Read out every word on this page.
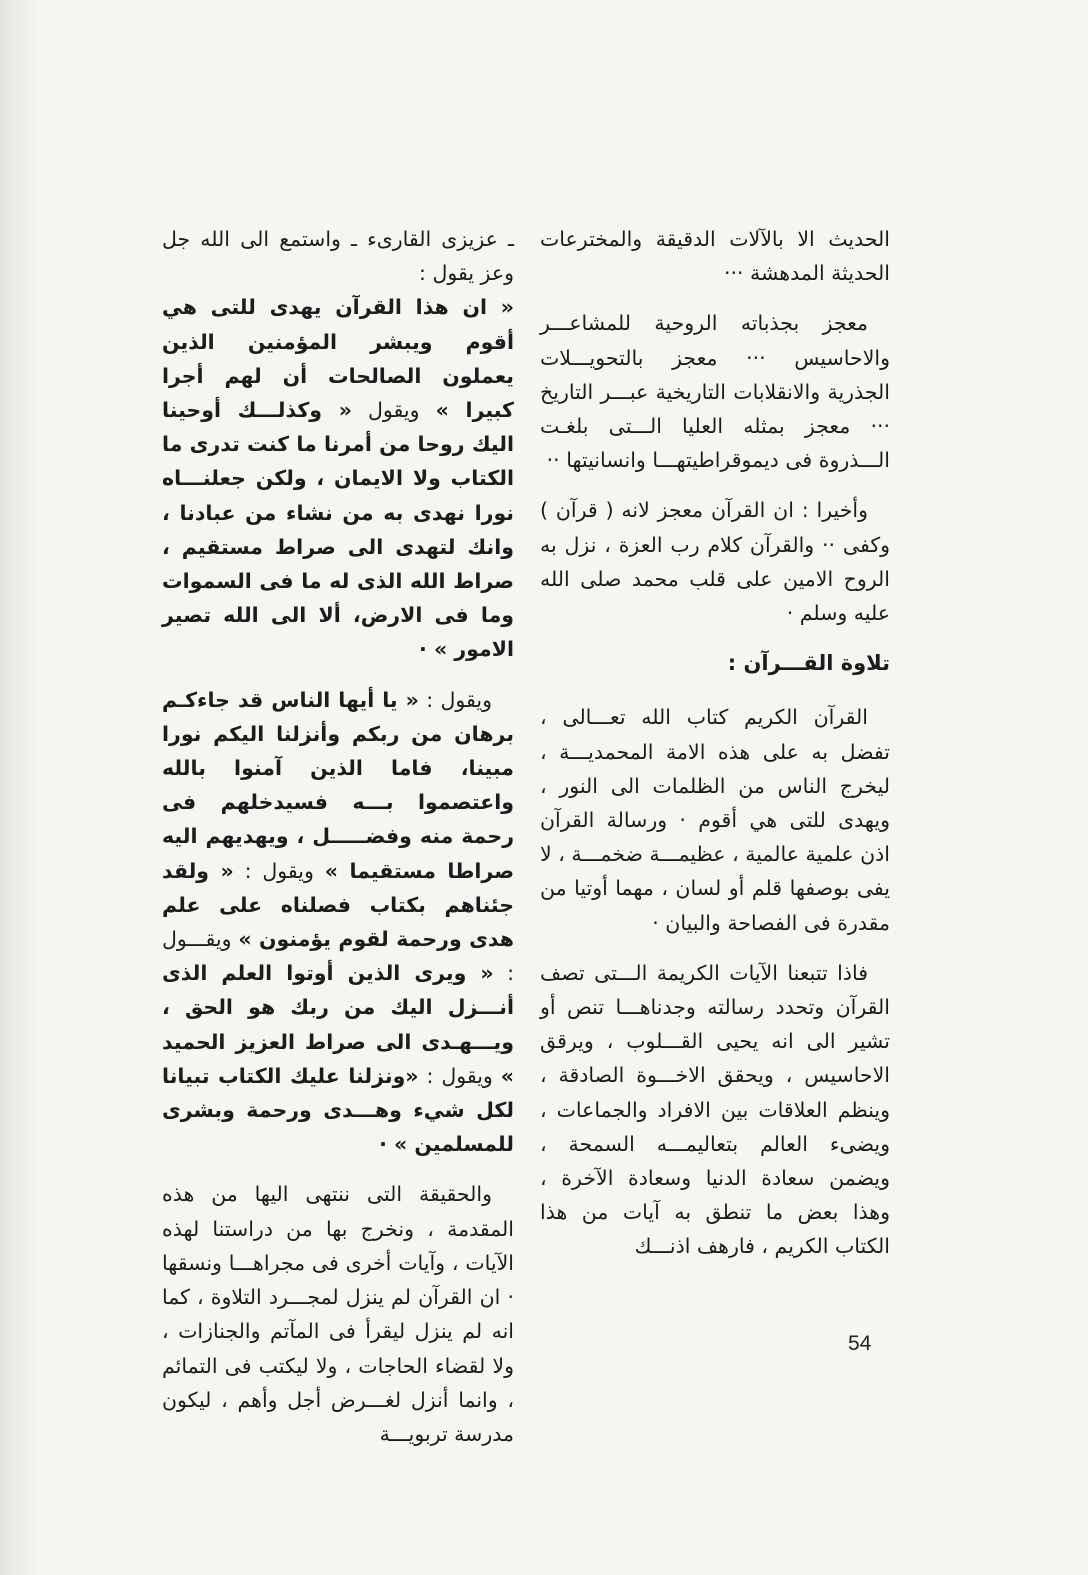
الحديث الا بالآلات الدقيقة والمخترعات الحديثة المدهشة ···

معجز بجذباته الروحية للمشاعـــر والاحاسيس ··· معجز بالتحويـــلات الجذرية والانقلابات التاريخية عبـــر التاريخ ··· معجز بمثله العليا الـــتى بلغـت الـــذروة فى ديموقراطيتهـــا وانسانيتها ··

وأخيرا : ان القرآن معجز لانه ( قرآن ) وكفى ·· والقرآن كلام رب العزة ، نزل به الروح الامين على قلب محمد صلى الله عليه وسلم ·

تلاوة القـــرآن :

القرآن الكريم كتاب الله تعـــالى ، تفضل به على هذه الامة المحمديـــة ، ليخرج الناس من الظلمات الى النور ، ويهدى للتى هي أقوم · ورسالة القرآن اذن علمية عالمية ، عظيمـــة ضخمـــة ، لا يفى بوصفها قلم أو لسان ، مهما أوتيا من مقدرة فى الفصاحة والبيان ·

فاذا تتبعنا الآيات الكريمة الـــتى تصف القرآن وتحدد رسالته وجدناهـــا تنص أو تشير الى انه يحيى القـــلوب ، ويرقق الاحاسيس ، ويحقق الاخـــوة الصادقة ، وينظم العلاقات بين الافراد والجماعات ، ويضىء العالم بتعاليمـــه السمحة ، ويضمن سعادة الدنيا وسعادة الآخرة ، وهذا بعض ما تنطق به آيات من هذا الكتاب الكريم ، فارهف اذنـــك

ـ عزيزى القارىء ـ واستمع الى الله جل وعز يقول :

« ان هذا القرآن يهدى للتى هي أقوم ويبشر المؤمنين الذين يعملون الصالحات أن لهم أجرا كبيرا » ويقول « وكذلـــك أوحينا اليك روحا من أمرنا ما كنت تدرى ما الكتاب ولا الايمان ، ولكن جعلنـــاه نورا نهدى به من نشاء من عبادنا ، وانك لتهدى الى صراط مستقيم ، صراط الله الذى له ما فى السموات وما فى الارض، ألا الى الله تصير الامور » ·

ويقول : « يا أيها الناس قد جاءكـم برهان من ربكم وأنزلنا اليكم نورا مبينا، فاما الذين آمنوا بالله واعتصموا بـــه فسيدخلهم فى رحمة منه وفضـــــل ، ويهديهم اليه صراطا مستقيما » ويقول : « ولقد جئناهم بكتاب فصلناه على علم هدى ورحمة لقوم يؤمنون » ويقـــول : « ويرى الذين أوتوا العلم الذى أنـــزل اليك من ربك هو الحق ، ويـــهـدى الى صراط العزيز الحميد » ويقول : «ونزلنا عليك الكتاب تبيانا لكل شيء وهـــدى ورحمة وبشرى للمسلمين » ·

والحقيقة التى ننتهى اليها من هذه المقدمة ، ونخرج بها من دراستنا لهذه الآيات ، وآيات أخرى فى مجراهـــا ونسقها · ان القرآن لم ينزل لمجـــرد التلاوة ، كما انه لم ينزل ليقرأ فى المآتم والجنازات ، ولا لقضاء الحاجات ، ولا ليكتب فى التمائم ، وانما أنزل لغـــرض أجل وأهم ، ليكون مدرسة تربويـــة

54
